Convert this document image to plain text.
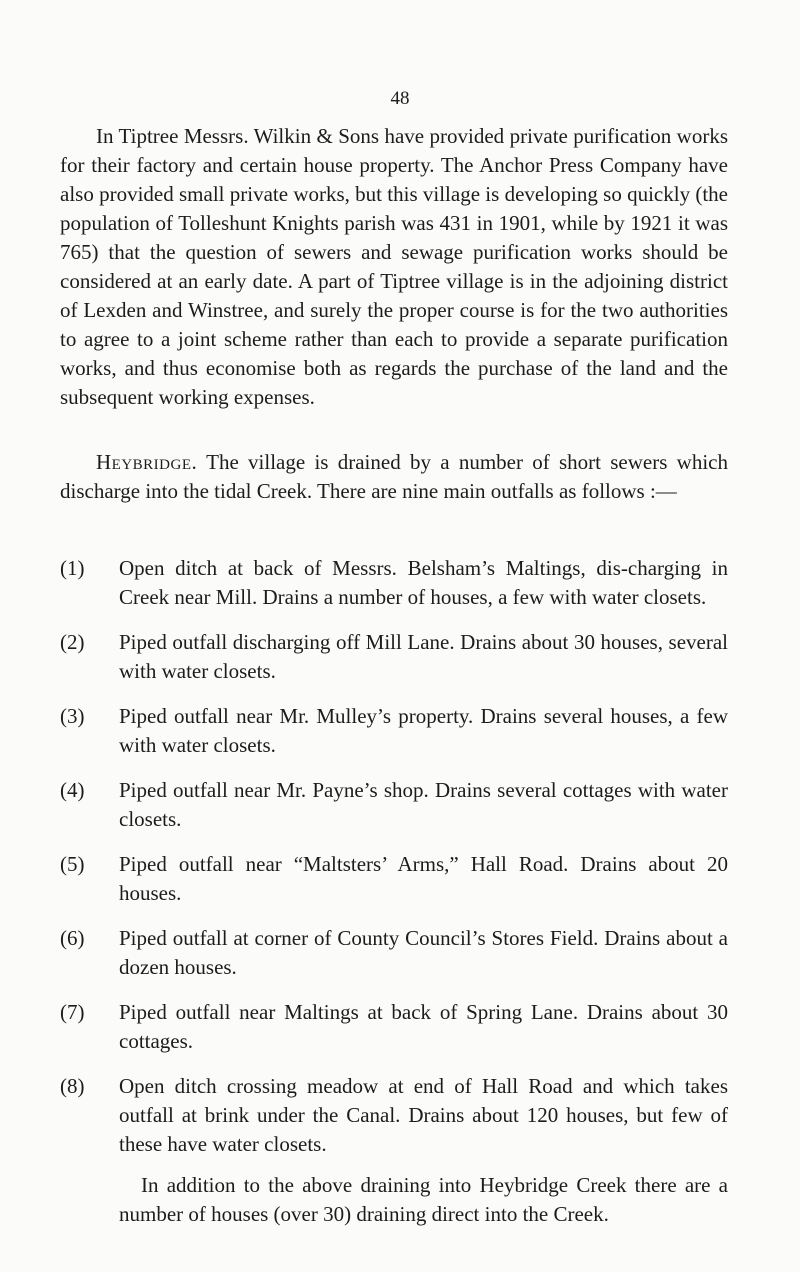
48

In Tiptree Messrs. Wilkin & Sons have provided private purification works for their factory and certain house property. The Anchor Press Company have also provided small private works, but this village is developing so quickly (the population of Tolleshunt Knights parish was 431 in 1901, while by 1921 it was 765) that the question of sewers and sewage purification works should be considered at an early date. A part of Tiptree village is in the adjoining district of Lexden and Winstree, and surely the proper course is for the two authorities to agree to a joint scheme rather than each to provide a separate purification works, and thus economise both as regards the purchase of the land and the subsequent working expenses.

Heybridge. The village is drained by a number of short sewers which discharge into the tidal Creek. There are nine main outfalls as follows :—

(1) Open ditch at back of Messrs. Belsham’s Maltings, dis-charging in Creek near Mill. Drains a number of houses, a few with water closets.
(2) Piped outfall discharging off Mill Lane. Drains about 30 houses, several with water closets.
(3) Piped outfall near Mr. Mulley’s property. Drains several houses, a few with water closets.
(4) Piped outfall near Mr. Payne’s shop. Drains several cottages with water closets.
(5) Piped outfall near “Maltsters’ Arms,” Hall Road. Drains about 20 houses.
(6) Piped outfall at corner of County Council’s Stores Field. Drains about a dozen houses.
(7) Piped outfall near Maltings at back of Spring Lane. Drains about 30 cottages.
(8) Open ditch crossing meadow at end of Hall Road and which takes outfall at brink under the Canal. Drains about 120 houses, but few of these have water closets.
In addition to the above draining into Heybridge Creek there are a number of houses (over 30) draining direct into the Creek.
